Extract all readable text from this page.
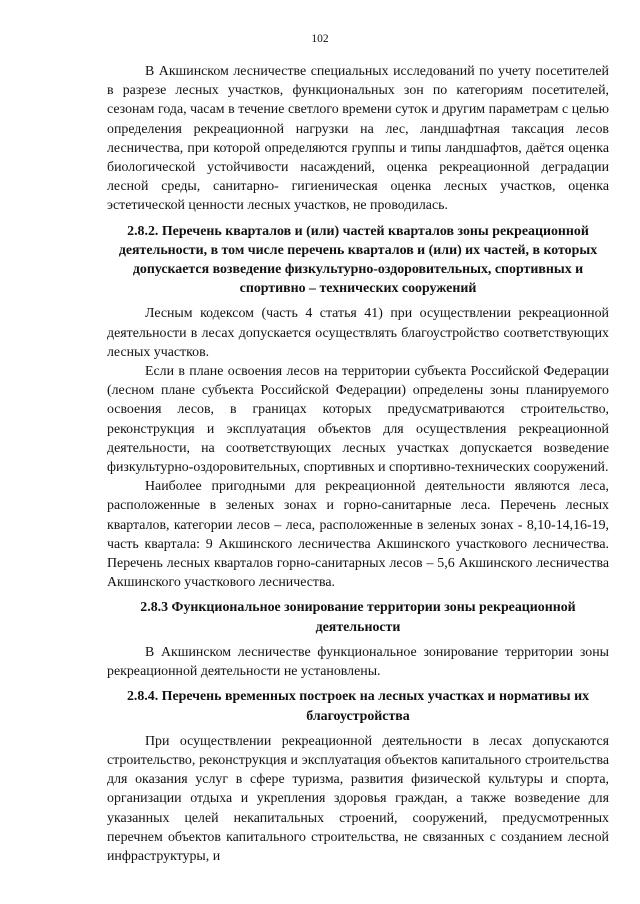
102

В Акшинском лесничестве специальных исследований по учету посетителей в разрезе лесных участков, функциональных зон по категориям посетителей, сезонам года, часам в течение светлого времени суток и другим параметрам с целью определения рекреационной нагрузки на лес, ландшафтная таксация лесов лесничества, при которой определяются группы и типы ландшафтов, даётся оценка биологической устойчивости насаждений, оценка рекреационной деградации лесной среды, санитарно- гигиеническая оценка лесных участков, оценка эстетической ценности лесных участков, не проводилась.

2.8.2. Перечень кварталов и (или) частей кварталов зоны рекреационной деятельности, в том числе перечень кварталов и (или) их частей, в которых допускается возведение физкультурно-оздоровительных, спортивных и спортивно – технических сооружений

Лесным кодексом (часть 4 статья 41) при осуществлении рекреационной деятельности в лесах допускается осуществлять благоустройство соответствующих лесных участков.

Если в плане освоения лесов на территории субъекта Российской Федерации (лесном плане субъекта Российской Федерации) определены зоны планируемого освоения лесов, в границах которых предусматриваются строительство, реконструкция и эксплуатация объектов для осуществления рекреационной деятельности, на соответствующих лесных участках допускается возведение физкультурно-оздоровительных, спортивных и спортивно-технических сооружений.

Наиболее пригодными для рекреационной деятельности являются леса, расположенные в зеленых зонах и горно-санитарные леса. Перечень лесных кварталов, категории лесов – леса, расположенные в зеленых зонах - 8,10-14,16-19, часть квартала: 9 Акшинского лесничества Акшинского участкового лесничества. Перечень лесных кварталов горно-санитарных лесов – 5,6 Акшинского лесничества Акшинского участкового лесничества.

2.8.3 Функциональное зонирование территории зоны рекреационной деятельности

В Акшинском лесничестве функциональное зонирование территории зоны рекреационной деятельности не установлены.

2.8.4. Перечень временных построек на лесных участках и нормативы их благоустройства

При осуществлении рекреационной деятельности в лесах допускаются строительство, реконструкция и эксплуатация объектов капитального строительства для оказания услуг в сфере туризма, развития физической культуры и спорта, организации отдыха и укрепления здоровья граждан, а также возведение для указанных целей некапитальных строений, сооружений, предусмотренных перечнем объектов капитального строительства, не связанных с созданием лесной инфраструктуры, и
